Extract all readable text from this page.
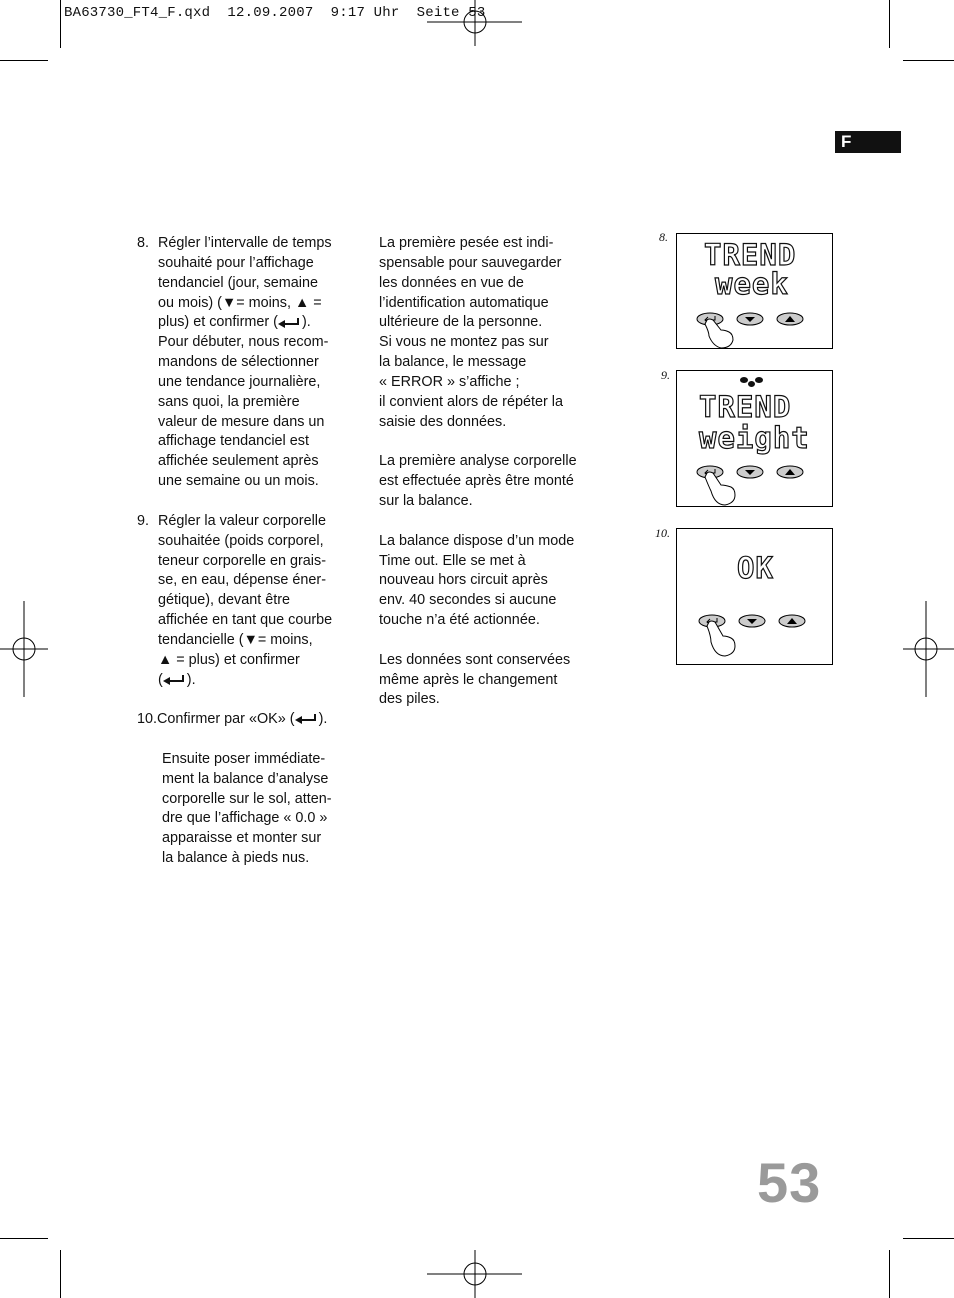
BA63730_FT4_F.qxd  12.09.2007  9:17 Uhr  Seite 53
F
8. Régler l’intervalle de temps
souhaité pour l’affichage
tendanciel (jour, semaine
ou mois) (▼= moins, ▲ =
plus) et confirmer ( ).
Pour débuter, nous recom-
mandons de sélectionner
une tendance journalière,
sans quoi, la première
valeur de mesure dans un
affichage tendanciel est
affichée seulement après
une semaine ou un mois.
9. Régler la valeur corporelle
souhaitée (poids corporel,
teneur corporelle en grais-
se, en eau, dépense éner-
gétique), devant être
affichée en tant que courbe
tendancielle (▼= moins,
▲ = plus) et confirmer
( ).
10.Confirmer par «OK» ( ).
Ensuite poser immédiate-
ment la balance d’analyse
corporelle sur le sol, atten-
dre que l’affichage « 0.0 »
apparaisse et monter sur
la balance à pieds nus.
La première pesée est indi-
spensable pour sauvegarder
les données en vue de
l’identification automatique
ultérieure de la personne.
Si vous ne montez pas sur
la balance, le message
« ERROR » s’affiche ;
il convient alors de répéter la
saisie des données.
La première analyse corporelle
est effectuée après être monté
sur la balance.
La balance dispose d’un mode
Time out. Elle se met à
nouveau hors circuit après
env. 40 secondes si aucune
touche n’a été actionnée.
Les données sont conservées
même après le changement
des piles.
8.
TREND
week
9.
TREND
weight
10.
OK
53
